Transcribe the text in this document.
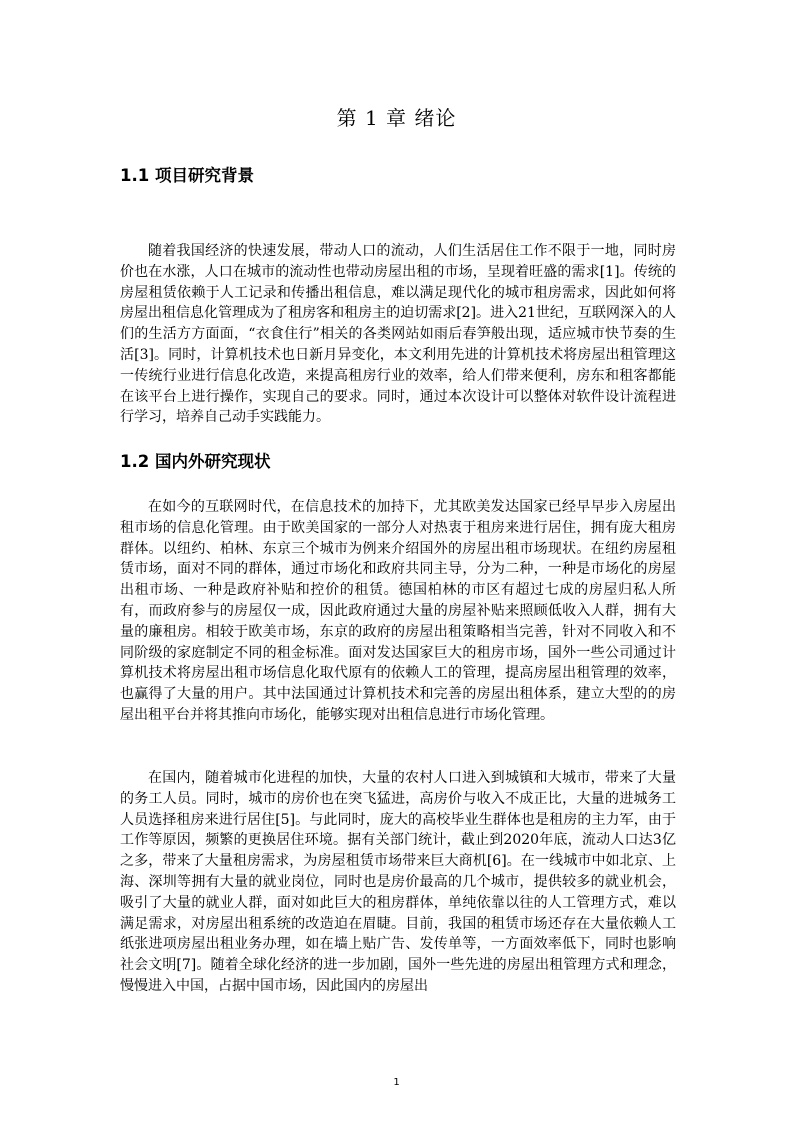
第 1 章 绪论
1.1 项目研究背景

随着我国经济的快速发展，带动人口的流动，人们生活居住工作不限于一地，同时房价也在水涨，人口在城市的流动性也带动房屋出租的市场，呈现着旺盛的需求[1]。传统的房屋租赁依赖于人工记录和传播出租信息，难以满足现代化的城市租房需求，因此如何将房屋出租信息化管理成为了租房客和租房主的迫切需求[2]。进入21世纪，互联网深入的人们的生活方方面面，“衣食住行”相关的各类网站如雨后春笋般出现，适应城市快节奏的生活[3]。同时，计算机技术也日新月异变化，本文利用先进的计算机技术将房屋出租管理这一传统行业进行信息化改造，来提高租房行业的效率，给人们带来便利，房东和租客都能在该平台上进行操作，实现自己的要求。同时，通过本次设计可以整体对软件设计流程进行学习，培养自己动手实践能力。

1.2 国内外研究现状

在如今的互联网时代，在信息技术的加持下，尤其欧美发达国家已经早早步入房屋出租市场的信息化管理。由于欧美国家的一部分人对热衷于租房来进行居住，拥有庞大租房群体。以纽约、柏林、东京三个城市为例来介绍国外的房屋出租市场现状。在纽约房屋租赁市场，面对不同的群体，通过市场化和政府共同主导，分为二种，一种是市场化的房屋出租市场、一种是政府补贴和控价的租赁。德国柏林的市区有超过七成的房屋归私人所有，而政府参与的房屋仅一成，因此政府通过大量的房屋补贴来照顾低收入人群，拥有大量的廉租房。相较于欧美市场，东京的政府的房屋出租策略相当完善，针对不同收入和不同阶级的家庭制定不同的租金标准。面对发达国家巨大的租房市场，国外一些公司通过计算机技术将房屋出租市场信息化取代原有的依赖人工的管理，提高房屋出租管理的效率，也赢得了大量的用户。其中法国通过计算机技术和完善的房屋出租体系，建立大型的的房屋出租平台并将其推向市场化，能够实现对出租信息进行市场化管理。

在国内，随着城市化进程的加快，大量的农村人口进入到城镇和大城市，带来了大量的务工人员。同时，城市的房价也在突飞猛进，高房价与收入不成正比，大量的进城务工人员选择租房来进行居住[5]。与此同时，庞大的高校毕业生群体也是租房的主力军，由于工作等原因，频繁的更换居住环境。据有关部门统计，截止到2020年底，流动人口达3亿之多，带来了大量租房需求，为房屋租赁市场带来巨大商机[6]。在一线城市中如北京、上海、深圳等拥有大量的就业岗位，同时也是房价最高的几个城市，提供较多的就业机会，吸引了大量的就业人群，面对如此巨大的租房群体，单纯依靠以往的人工管理方式，难以满足需求，对房屋出租系统的改造迫在眉睫。目前，我国的租赁市场还存在大量依赖人工纸张进项房屋出租业务办理，如在墙上贴广告、发传单等，一方面效率低下，同时也影响社会文明[7]。随着全球化经济的进一步加剧，国外一些先进的房屋出租管理方式和理念，慢慢进入中国，占据中国市场，因此国内的房屋出

1
